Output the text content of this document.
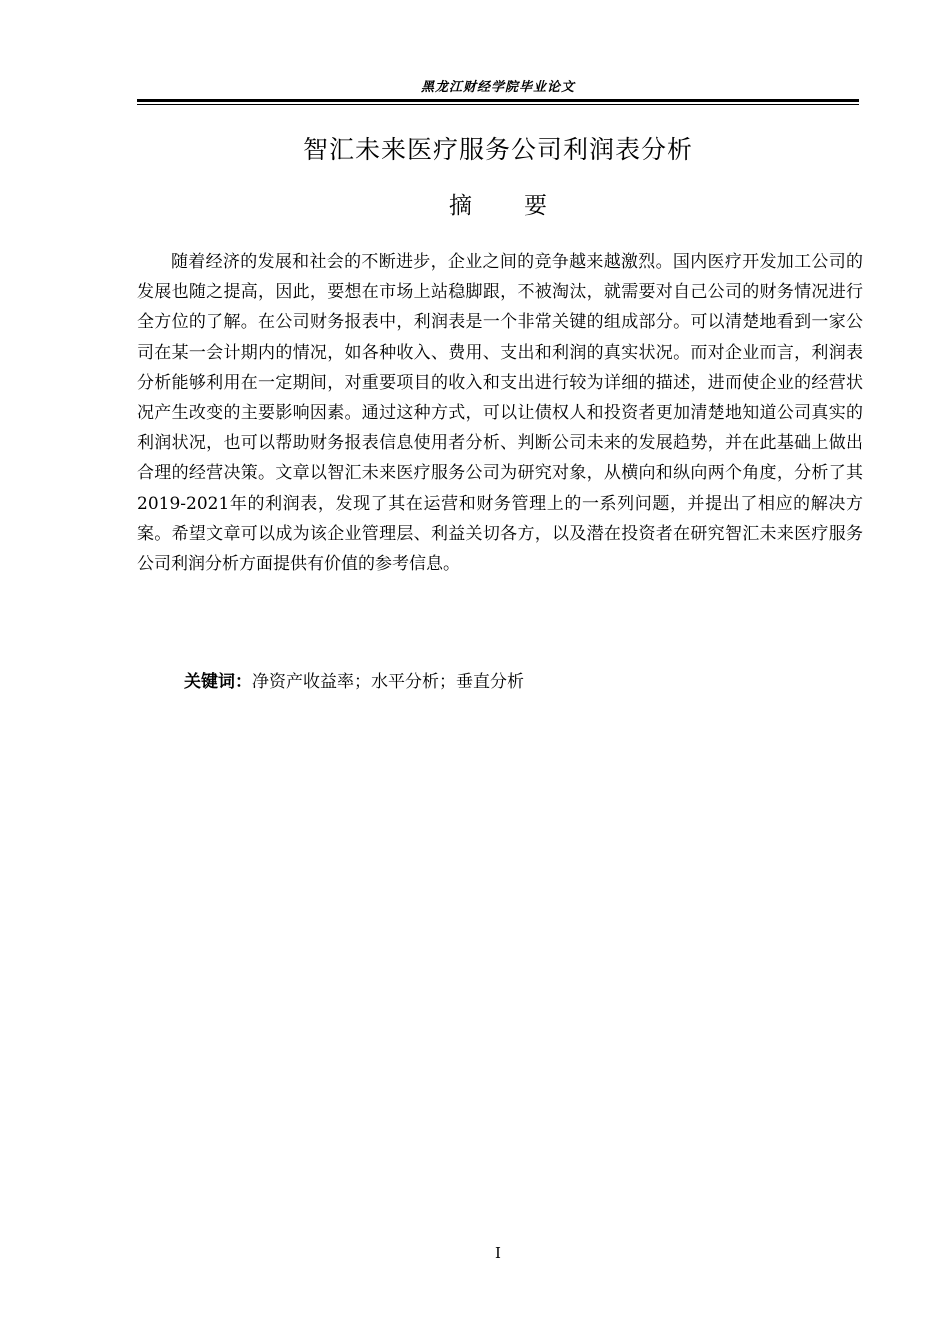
黑龙江财经学院毕业论文
智汇未来医疗服务公司利润表分析
摘 要

随着经济的发展和社会的不断进步，企业之间的竞争越来越激烈。国内医疗开发加工公司的发展也随之提高，因此，要想在市场上站稳脚跟，不被淘汰，就需要对自己公司的财务情况进行全方位的了解。在公司财务报表中，利润表是一个非常关键的组成部分。可以清楚地看到一家公司在某一会计期内的情况，如各种收入、费用、支出和利润的真实状况。而对企业而言，利润表分析能够利用在一定期间，对重要项目的收入和支出进行较为详细的描述，进而使企业的经营状况产生改变的主要影响因素。通过这种方式，可以让债权人和投资者更加清楚地知道公司真实的利润状况，也可以帮助财务报表信息使用者分析、判断公司未来的发展趋势，并在此基础上做出合理的经营决策。文章以智汇未来医疗服务公司为研究对象，从横向和纵向两个角度，分析了其2019-2021年的利润表，发现了其在运营和财务管理上的一系列问题，并提出了相应的解决方案。希望文章可以成为该企业管理层、利益关切各方，以及潜在投资者在研究智汇未来医疗服务公司利润分析方面提供有价值的参考信息。

关键词：净资产收益率；水平分析；垂直分析
I
